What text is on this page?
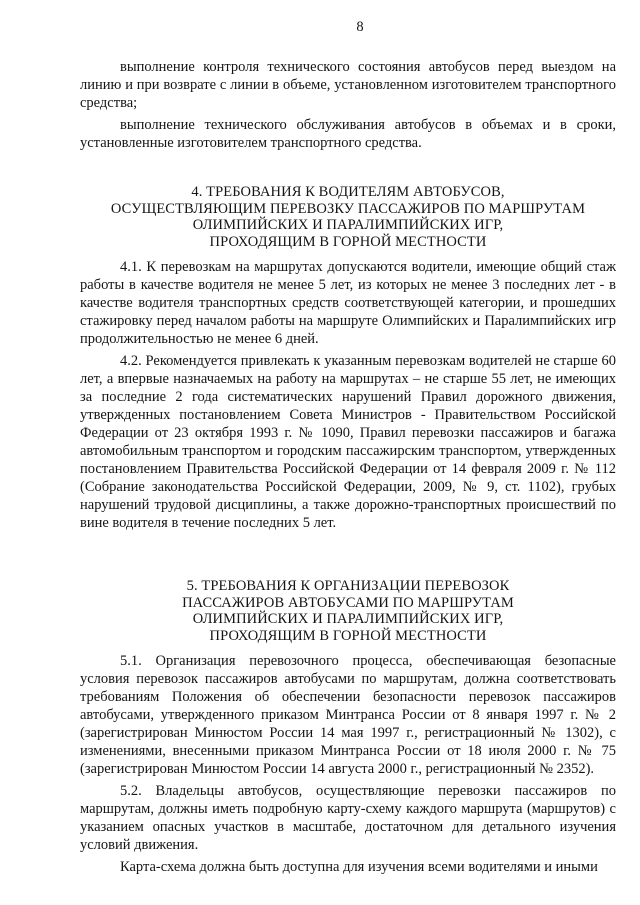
8

выполнение контроля технического состояния автобусов перед выездом на линию и при возврате с линии в объеме, установленном изготовителем транспортного средства;

выполнение технического обслуживания автобусов в объемах и в сроки, установленные изготовителем транспортного средства.

4. ТРЕБОВАНИЯ К ВОДИТЕЛЯМ АВТОБУСОВ,
ОСУЩЕСТВЛЯЮЩИМ ПЕРЕВОЗКУ ПАССАЖИРОВ ПО МАРШРУТАМ
ОЛИМПИЙСКИХ И ПАРАЛИМПИЙСКИХ ИГР,
ПРОХОДЯЩИМ В ГОРНОЙ МЕСТНОСТИ

4.1. К перевозкам на маршрутах допускаются водители, имеющие общий стаж работы в качестве водителя не менее 5 лет, из которых не менее 3 последних лет - в качестве водителя транспортных средств соответствующей категории, и прошедших стажировку перед началом работы на маршруте Олимпийских и Паралимпийских игр продолжительностью не менее 6 дней.

4.2. Рекомендуется привлекать к указанным перевозкам водителей не старше 60 лет, а впервые назначаемых на работу на маршрутах – не старше 55 лет, не имеющих за последние 2 года систематических нарушений Правил дорожного движения, утвержденных постановлением Совета Министров - Правительством Российской Федерации от 23 октября 1993 г. № 1090, Правил перевозки пассажиров и багажа автомобильным транспортом и городским пассажирским транспортом, утвержденных постановлением Правительства Российской Федерации от 14 февраля 2009 г. № 112 (Собрание законодательства Российской Федерации, 2009, № 9, ст. 1102), грубых нарушений трудовой дисциплины, а также дорожно-транспортных происшествий по вине водителя в течение последних 5 лет.

5. ТРЕБОВАНИЯ К ОРГАНИЗАЦИИ ПЕРЕВОЗОК
ПАССАЖИРОВ АВТОБУСАМИ ПО МАРШРУТАМ
ОЛИМПИЙСКИХ И ПАРАЛИМПИЙСКИХ ИГР,
ПРОХОДЯЩИМ В ГОРНОЙ МЕСТНОСТИ

5.1. Организация перевозочного процесса, обеспечивающая безопасные условия перевозок пассажиров автобусами по маршрутам, должна соответствовать требованиям Положения об обеспечении безопасности перевозок пассажиров автобусами, утвержденного приказом Минтранса России от 8 января 1997 г. № 2 (зарегистрирован Минюстом России 14 мая 1997 г., регистрационный № 1302), с изменениями, внесенными приказом Минтранса России от 18 июля 2000 г. № 75 (зарегистрирован Минюстом России 14 августа 2000 г., регистрационный № 2352).

5.2. Владельцы автобусов, осуществляющие перевозки пассажиров по маршрутам, должны иметь подробную карту-схему каждого маршрута (маршрутов) с указанием опасных участков в масштабе, достаточном для детального изучения условий движения.

Карта-схема должна быть доступна для изучения всеми водителями и иными
